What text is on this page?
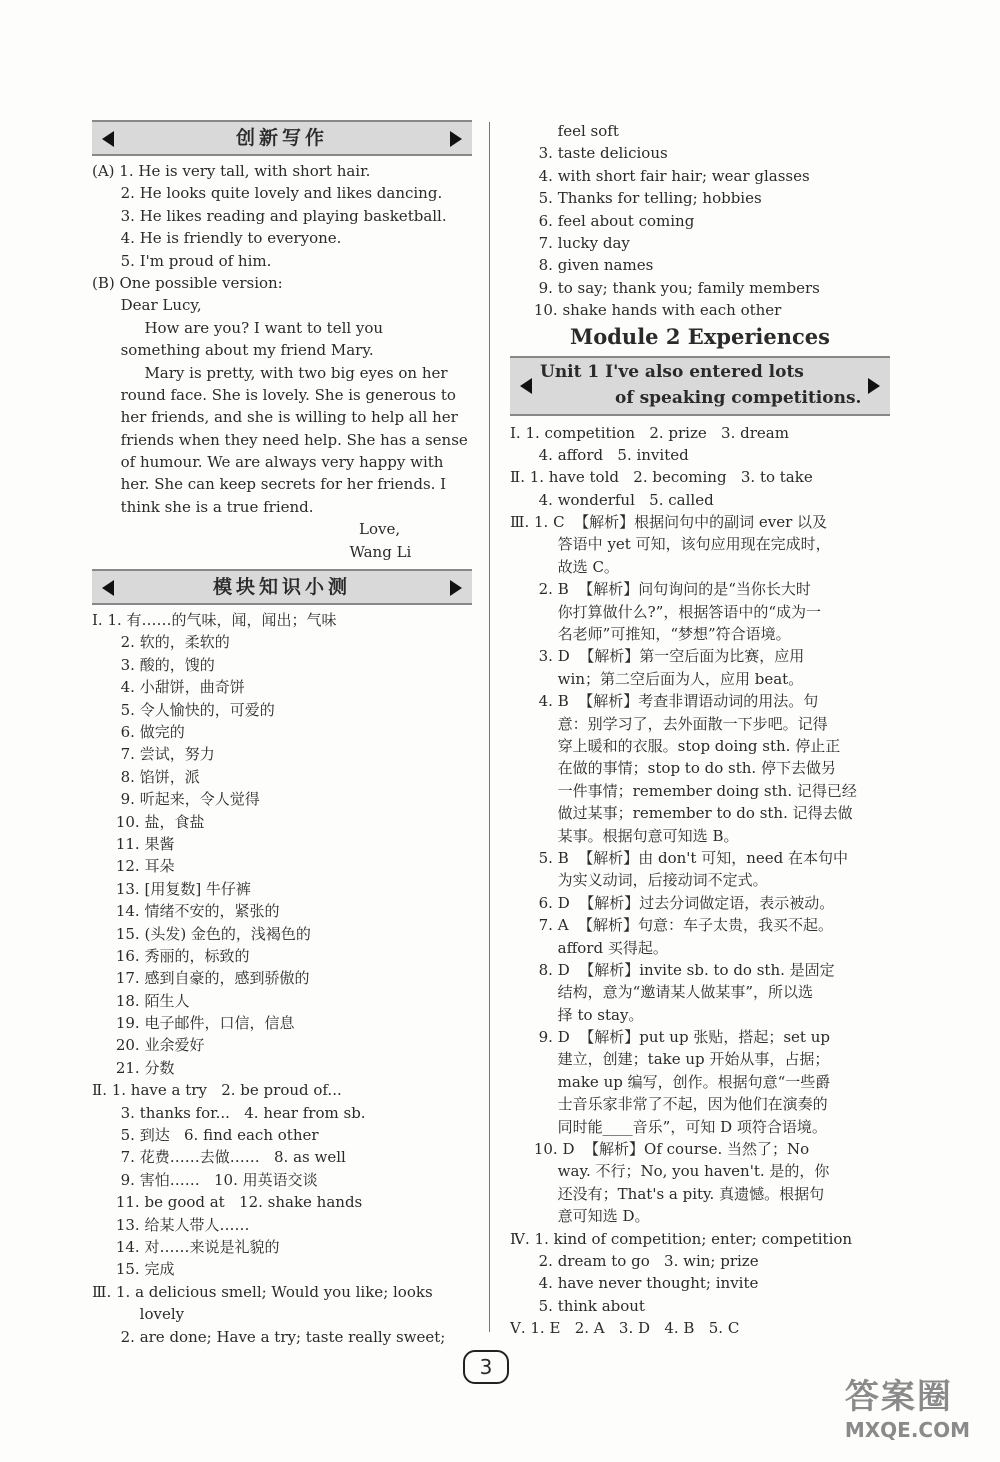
创新写作
(A) 1. He is very tall, with short hair.
2. He looks quite lovely and likes dancing.
3. He likes reading and playing basketball.
4. He is friendly to everyone.
5. I'm proud of him.
(B) One possible version:
Dear Lucy,
How are you? I want to tell you
something about my friend Mary.
Mary is pretty, with two big eyes on her
round face. She is lovely. She is generous to
her friends, and she is willing to help all her
friends when they need help. She has a sense
of humour. We are always very happy with
her. She can keep secrets for her friends. I
think she is a true friend.
Love,
Wang Li
模块知识小测
Ⅰ. 1. 有……的气味，闻，闻出；气味
2. 软的，柔软的
3. 酸的，馊的
4. 小甜饼，曲奇饼
5. 令人愉快的，可爱的
6. 做完的
7. 尝试，努力
8. 馅饼，派
9. 听起来，令人觉得
10. 盐，食盐
11. 果酱
12. 耳朵
13. [用复数] 牛仔裤
14. 情绪不安的，紧张的
15. (头发) 金色的，浅褐色的
16. 秀丽的，标致的
17. 感到自豪的，感到骄傲的
18. 陌生人
19. 电子邮件，口信，信息
20. 业余爱好
21. 分数
Ⅱ. 1. have a try   2. be proud of...
3. thanks for...   4. hear from sb.
5. 到达   6. find each other
7. 花费……去做……   8. as well
9. 害怕……   10. 用英语交谈
11. be good at   12. shake hands
13. 给某人带人……
14. 对……来说是礼貌的
15. 完成
Ⅲ. 1. a delicious smell; Would you like; looks
lovely
2. are done; Have a try; taste really sweet;
feel soft
3. taste delicious
4. with short fair hair; wear glasses
5. Thanks for telling; hobbies
6. feel about coming
7. lucky day
8. given names
9. to say; thank you; family members
10. shake hands with each other
Module 2 Experiences
Unit 1 I've also entered lots
of speaking competitions.
Ⅰ. 1. competition   2. prize   3. dream
4. afford   5. invited
Ⅱ. 1. have told   2. becoming   3. to take
4. wonderful   5. called
Ⅲ. 1. C  【解析】根据问句中的副词 ever 以及
答语中 yet 可知，该句应用现在完成时，
故选 C。
2. B  【解析】问句询问的是“当你长大时
你打算做什么?”，根据答语中的“成为一
名老师”可推知，“梦想”符合语境。
3. D  【解析】第一空后面为比赛，应用
win；第二空后面为人，应用 beat。
4. B  【解析】考查非谓语动词的用法。句
意：别学习了，去外面散一下步吧。记得
穿上暖和的衣服。stop doing sth. 停止正
在做的事情；stop to do sth. 停下去做另
一件事情；remember doing sth. 记得已经
做过某事；remember to do sth. 记得去做
某事。根据句意可知选 B。
5. B  【解析】由 don't 可知，need 在本句中
为实义动词，后接动词不定式。
6. D  【解析】过去分词做定语，表示被动。
7. A  【解析】句意：车子太贵，我买不起。
afford 买得起。
8. D  【解析】invite sb. to do sth. 是固定
结构，意为“邀请某人做某事”，所以选
择 to stay。
9. D  【解析】put up 张贴，搭起；set up
建立，创建；take up 开始从事，占据；
make up 编写，创作。根据句意“一些爵
士音乐家非常了不起，因为他们在演奏的
同时能____音乐”，可知 D 项符合语境。
10. D  【解析】Of course. 当然了；No
way. 不行；No, you haven't. 是的，你
还没有；That's a pity. 真遗憾。根据句
意可知选 D。
Ⅳ. 1. kind of competition; enter; competition
2. dream to go   3. win; prize
4. have never thought; invite
5. think about
Ⅴ. 1. E   2. A   3. D   4. B   5. C
3
答案圈
MXQE.COM
